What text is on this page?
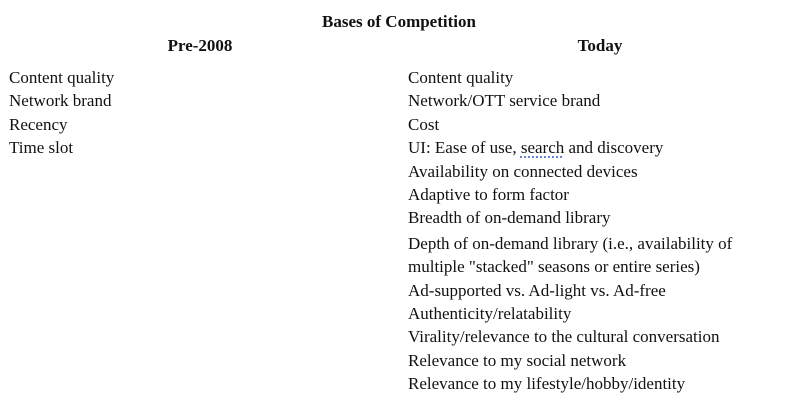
Bases of Competition
Pre-2008	Today
Content quality
Network brand
Recency
Time slot
Content quality
Network/OTT service brand
Cost
UI: Ease of use, search and discovery
Availability on connected devices
Adaptive to form factor
Breadth of on-demand library
Depth of on-demand library (i.e., availability of multiple "stacked" seasons or entire series)
Ad-supported vs. Ad-light vs. Ad-free
Authenticity/relatability
Virality/relevance to the cultural conversation
Relevance to my social network
Relevance to my lifestyle/hobby/identity
